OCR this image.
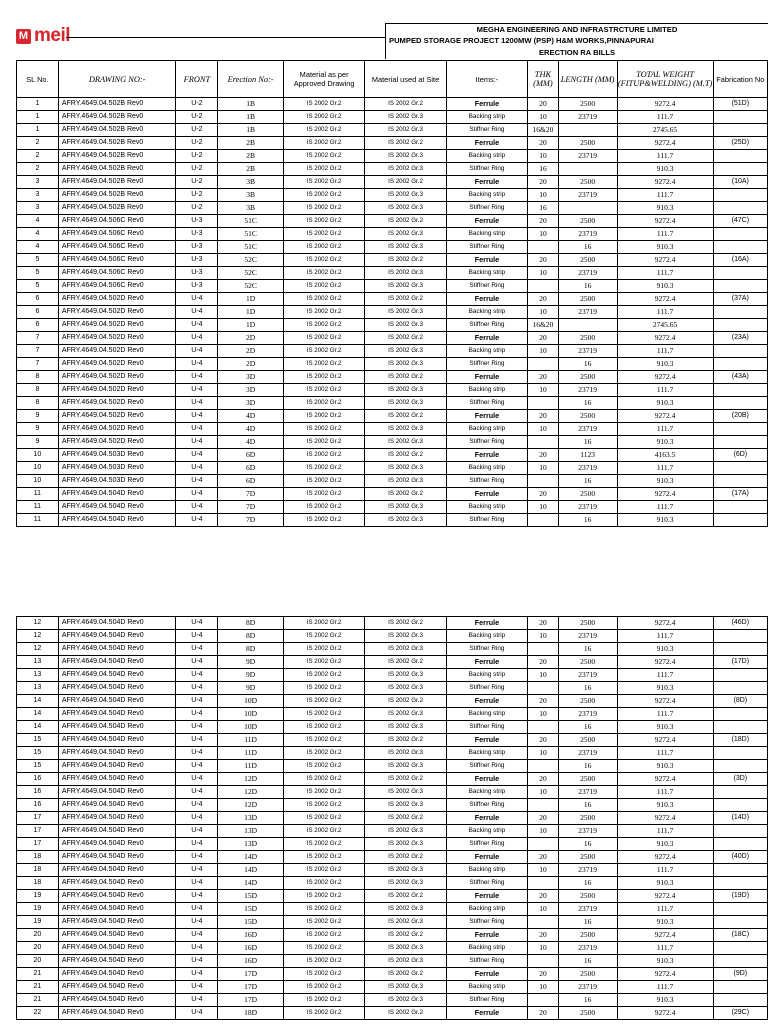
M meil	MEGHA ENGINEERING AND INFRASTRCTURE LIMITED
PUMPED STORAGE PROJECT 1200MW (PSP) H&M WORKS,PINNAPURAI
ERECTION RA BILLS
SL No.	DRAWING NO:-	FRONT	Erection No:-	Material as per Approved Drawing	Material used at Site	Items:-	THK (MM)	LENGTH (MM)	TOTAL WEIGHT (FITUP&WELDING) (M.T)	Fabrication No
1	AFRY.4649.04.502B Rev0	U-2	1B	IS 2002 Gr.2	IS 2002 Gr.2	Ferrule	20	2500	9272.4	(51D)
1	AFRY.4649.04.502B Rev0	U-2	1B	IS 2002 Gr.2	IS 2002 Gr.3	Backing strip	10	23719	111.7	
1	AFRY.4649.04.502B Rev0	U-2	1B	IS 2002 Gr.2	IS 2002 Gr.3	Stiffner Ring	16&20		2745.65	
2	AFRY.4649.04.502B Rev0	U-2	2B	IS 2002 Gr.2	IS 2002 Gr.2	Ferrule	20	2500	9272.4	(25D)
2	AFRY.4649.04.502B Rev0	U-2	2B	IS 2002 Gr.2	IS 2002 Gr.3	Backing strip	10	23719	111.7	
2	AFRY.4649.04.502B Rev0	U-2	2B	IS 2002 Gr.2	IS 2002 Gr.3	Stiffner Ring	16		910.3	
3	AFRY.4649.04.502B Rev0	U-2	3B	IS 2002 Gr.2	IS 2002 Gr.2	Ferrule	20	2500	9272.4	(10A)
3	AFRY.4649.04.502B Rev0	U-2	3B	IS 2002 Gr.2	IS 2002 Gr.3	Backing strip	10	23719	111.7	
3	AFRY.4649.04.502B Rev0	U-2	3B	IS 2002 Gr.2	IS 2002 Gr.3	Stiffner Ring	16		910.3	
4	AFRY.4649.04.506C Rev0	U-3	51C	IS 2002 Gr.2	IS 2002 Gr.2	Ferrule	20	2500	9272.4	(47C)
4	AFRY.4649.04.506C Rev0	U-3	51C	IS 2002 Gr.2	IS 2002 Gr.3	Backing strip	10	23719	111.7	
4	AFRY.4649.04.506C Rev0	U-3	51C	IS 2002 Gr.2	IS 2002 Gr.3	Stiffner Ring		16	910.3	
5	AFRY.4649.04.506C Rev0	U-3	52C	IS 2002 Gr.2	IS 2002 Gr.2	Ferrule	20	2500	9272.4	(16A)
5	AFRY.4649.04.506C Rev0	U-3	52C	IS 2002 Gr.2	IS 2002 Gr.3	Backing strip	10	23719	111.7	
5	AFRY.4649.04.506C Rev0	U-3	52C	IS 2002 Gr.2	IS 2002 Gr.3	Stiffner Ring		16	910.3	
6	AFRY.4649.04.502D Rev0	U-4	1D	IS 2002 Gr.2	IS 2002 Gr.2	Ferrule	20	2500	9272.4	(37A)
6	AFRY.4649.04.502D Rev0	U-4	1D	IS 2002 Gr.2	IS 2002 Gr.3	Backing strip	10	23719	111.7	
6	AFRY.4649.04.502D Rev0	U-4	1D	IS 2002 Gr.2	IS 2002 Gr.3	Stiffner Ring	16&20		2745.65	
7	AFRY.4649.04.502D Rev0	U-4	2D	IS 2002 Gr.2	IS 2002 Gr.2	Ferrule	20	2500	9272.4	(23A)
7	AFRY.4649.04.502D Rev0	U-4	2D	IS 2002 Gr.2	IS 2002 Gr.3	Backing strip	10	23719	111.7	
7	AFRY.4649.04.502D Rev0	U-4	2D	IS 2002 Gr.2	IS 2002 Gr.3	Stiffner Ring		16	910.3	
8	AFRY.4649.04.502D Rev0	U-4	3D	IS 2002 Gr.2	IS 2002 Gr.2	Ferrule	20	2500	9272.4	(43A)
8	AFRY.4649.04.502D Rev0	U-4	3D	IS 2002 Gr.2	IS 2002 Gr.3	Backing strip	10	23719	111.7	
8	AFRY.4649.04.502D Rev0	U-4	3D	IS 2002 Gr.2	IS 2002 Gr.3	Stiffner Ring		16	910.3	
9	AFRY.4649.04.502D Rev0	U-4	4D	IS 2002 Gr.2	IS 2002 Gr.2	Ferrule	20	2500	9272.4	(20B)
9	AFRY.4649.04.502D Rev0	U-4	4D	IS 2002 Gr.2	IS 2002 Gr.3	Backing strip	10	23719	111.7	
9	AFRY.4649.04.502D Rev0	U-4	4D	IS 2002 Gr.2	IS 2002 Gr.3	Stiffner Ring		16	910.3	
10	AFRY.4649.04.503D Rev0	U-4	6D	IS 2002 Gr.2	IS 2002 Gr.2	Ferrule	20	1123	4163.5	(6D)
10	AFRY.4649.04.503D Rev0	U-4	6D	IS 2002 Gr.2	IS 2002 Gr.3	Backing strip	10	23719	111.7	
10	AFRY.4649.04.503D Rev0	U-4	6D	IS 2002 Gr.2	IS 2002 Gr.3	Stiffner Ring		16	910.3	
11	AFRY.4649.04.504D Rev0	U-4	7D	IS 2002 Gr.2	IS 2002 Gr.2	Ferrule	20	2500	9272.4	(17A)
11	AFRY.4649.04.504D Rev0	U-4	7D	IS 2002 Gr.2	IS 2002 Gr.3	Backing strip	10	23719	111.7	
11	AFRY.4649.04.504D Rev0	U-4	7D	IS 2002 Gr.2	IS 2002 Gr.3	Stiffner Ring		16	910.3	
12	AFRY.4649.04.504D Rev0	U-4	8D	IS 2002 Gr.2	IS 2002 Gr.2	Ferrule	20	2500	9272.4	(46D)
12	AFRY.4649.04.504D Rev0	U-4	8D	IS 2002 Gr.2	IS 2002 Gr.3	Backing strip	10	23719	111.7	
12	AFRY.4649.04.504D Rev0	U-4	8D	IS 2002 Gr.2	IS 2002 Gr.3	Stiffner Ring		16	910.3	
13	AFRY.4649.04.504D Rev0	U-4	9D	IS 2002 Gr.2	IS 2002 Gr.2	Ferrule	20	2500	9272.4	(17D)
13	AFRY.4649.04.504D Rev0	U-4	9D	IS 2002 Gr.2	IS 2002 Gr.3	Backing strip	10	23719	111.7	
13	AFRY.4649.04.504D Rev0	U-4	9D	IS 2002 Gr.2	IS 2002 Gr.3	Stiffner Ring		16	910.3	
14	AFRY.4649.04.504D Rev0	U-4	10D	IS 2002 Gr.2	IS 2002 Gr.2	Ferrule	20	2500	9272.4	(8D)
14	AFRY.4649.04.504D Rev0	U-4	10D	IS 2002 Gr.2	IS 2002 Gr.3	Backing strip	10	23719	111.7	
14	AFRY.4649.04.504D Rev0	U-4	10D	IS 2002 Gr.2	IS 2002 Gr.3	Stiffner Ring		16	910.3	
15	AFRY.4649.04.504D Rev0	U-4	11D	IS 2002 Gr.2	IS 2002 Gr.2	Ferrule	20	2500	9272.4	(18D)
15	AFRY.4649.04.504D Rev0	U-4	11D	IS 2002 Gr.2	IS 2002 Gr.3	Backing strip	10	23719	111.7	
15	AFRY.4649.04.504D Rev0	U-4	11D	IS 2002 Gr.2	IS 2002 Gr.3	Stiffner Ring		16	910.3	
16	AFRY.4649.04.504D Rev0	U-4	12D	IS 2002 Gr.2	IS 2002 Gr.2	Ferrule	20	2500	9272.4	(3D)
16	AFRY.4649.04.504D Rev0	U-4	12D	IS 2002 Gr.2	IS 2002 Gr.3	Backing strip	10	23719	111.7	
16	AFRY.4649.04.504D Rev0	U-4	12D	IS 2002 Gr.2	IS 2002 Gr.3	Stiffner Ring		16	910.3	
17	AFRY.4649.04.504D Rev0	U-4	13D	IS 2002 Gr.2	IS 2002 Gr.2	Ferrule	20	2500	9272.4	(14D)
17	AFRY.4649.04.504D Rev0	U-4	13D	IS 2002 Gr.2	IS 2002 Gr.3	Backing strip	10	23719	111.7	
17	AFRY.4649.04.504D Rev0	U-4	13D	IS 2002 Gr.2	IS 2002 Gr.3	Stiffner Ring		16	910.3	
18	AFRY.4649.04.504D Rev0	U-4	14D	IS 2002 Gr.2	IS 2002 Gr.2	Ferrule	20	2500	9272.4	(40D)
18	AFRY.4649.04.504D Rev0	U-4	14D	IS 2002 Gr.2	IS 2002 Gr.3	Backing strip	10	23719	111.7	
18	AFRY.4649.04.504D Rev0	U-4	14D	IS 2002 Gr.2	IS 2002 Gr.3	Stiffner Ring		16	910.3	
19	AFRY.4649.04.504D Rev0	U-4	15D	IS 2002 Gr.2	IS 2002 Gr.2	Ferrule	20	2500	9272.4	(19D)
19	AFRY.4649.04.504D Rev0	U-4	15D	IS 2002 Gr.2	IS 2002 Gr.3	Backing strip	10	23719	111.7	
19	AFRY.4649.04.504D Rev0	U-4	15D	IS 2002 Gr.2	IS 2002 Gr.3	Stiffner Ring		16	910.3	
20	AFRY.4649.04.504D Rev0	U-4	16D	IS 2002 Gr.2	IS 2002 Gr.2	Ferrule	20	2500	9272.4	(18C)
20	AFRY.4649.04.504D Rev0	U-4	16D	IS 2002 Gr.2	IS 2002 Gr.3	Backing strip	10	23719	111.7	
20	AFRY.4649.04.504D Rev0	U-4	16D	IS 2002 Gr.2	IS 2002 Gr.3	Stiffner Ring		16	910.3	
21	AFRY.4649.04.504D Rev0	U-4	17D	IS 2002 Gr.2	IS 2002 Gr.2	Ferrule	20	2500	9272.4	(9D)
21	AFRY.4649.04.504D Rev0	U-4	17D	IS 2002 Gr.2	IS 2002 Gr.3	Backing strip	10	23719	111.7	
21	AFRY.4649.04.504D Rev0	U-4	17D	IS 2002 Gr.2	IS 2002 Gr.3	Stiffner Ring		16	910.3	
22	AFRY.4649.04.504D Rev0	U-4	18D	IS 2002 Gr.2	IS 2002 Gr.2	Ferrule	20	2500	9272.4	(29C)
